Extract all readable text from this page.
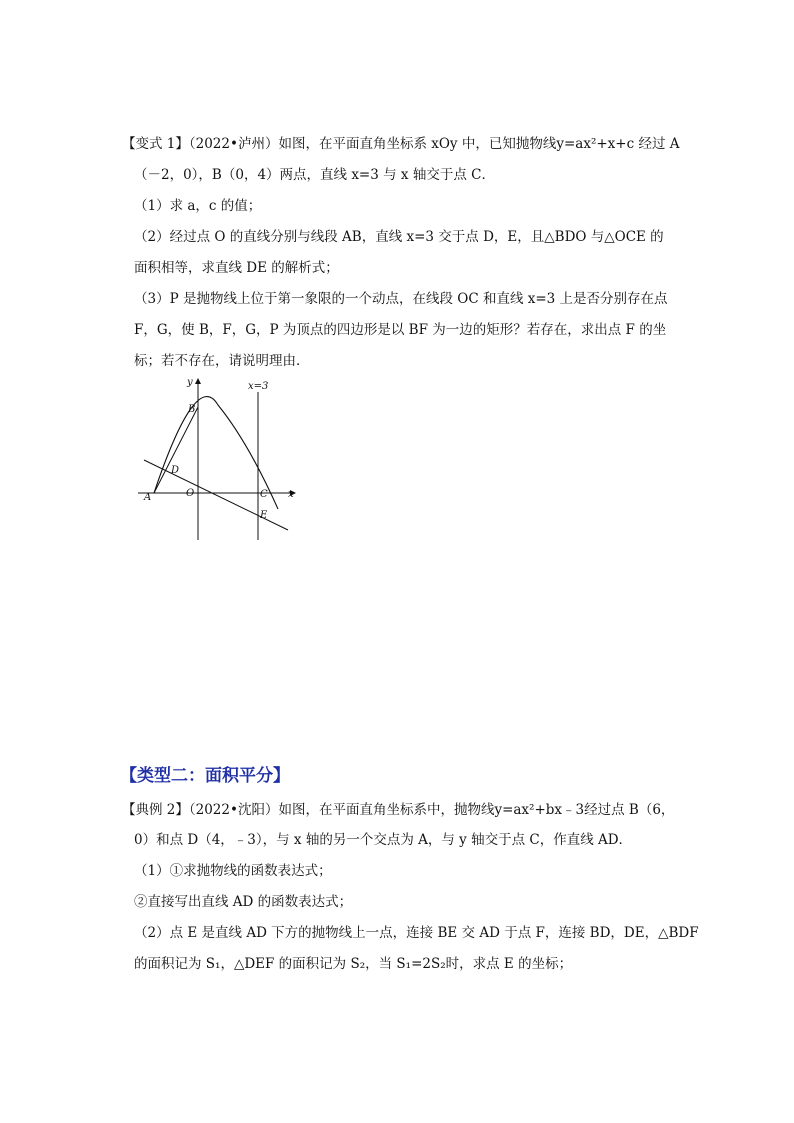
【变式 1】（2022•泸州）如图，在平面直角坐标系 xOy 中，已知抛物线y=ax²+x+c 经过 A
（－2，0），B（0，4）两点，直线 x=3 与 x 轴交于点 C．
（1）求 a，c 的值；
（2）经过点 O 的直线分别与线段 AB，直线 x=3 交于点 D，E，且△BDO 与△OCE 的
面积相等，求直线 DE 的解析式；
（3）P 是抛物线上位于第一象限的一个动点，在线段 OC 和直线 x=3 上是否分别存在点
F，G，使 B，F，G，P 为顶点的四边形是以 BF 为一边的矩形？若存在，求出点 F 的坐
标；若不存在，请说明理由．
y
x
x=3
B
D
A	O	C
E
【类型二：面积平分】
【典例 2】（2022•沈阳）如图，在平面直角坐标系中，抛物线y=ax²+bx﹣3经过点 B（6，
0）和点 D（4，﹣3），与 x 轴的另一个交点为 A，与 y 轴交于点 C，作直线 AD．
（1）①求抛物线的函数表达式；
②直接写出直线 AD 的函数表达式；
（2）点 E 是直线 AD 下方的抛物线上一点，连接 BE 交 AD 于点 F，连接 BD，DE，△BDF
的面积记为 S₁，△DEF 的面积记为 S₂，当 S₁=2S₂时，求点 E 的坐标；
